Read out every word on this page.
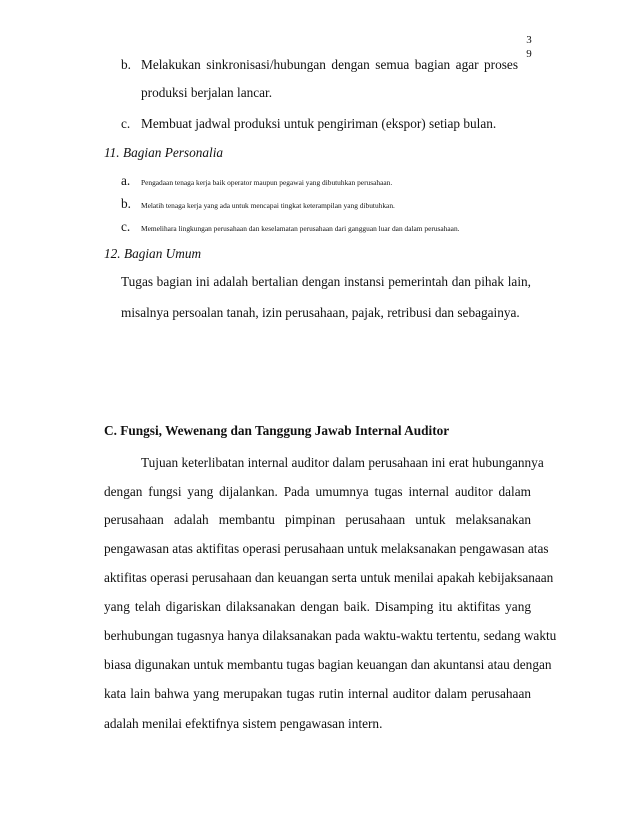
3
9
b. Melakukan sinkronisasi/hubungan dengan semua bagian agar proses
produksi berjalan lancar.
c. Membuat jadwal produksi untuk pengiriman (ekspor) setiap bulan.
11. Bagian Personalia
a. Pengadaan tenaga kerja baik operator maupun pegawai yang dibutuhkan perusahaan.
b. Melatih tenaga kerja yang ada untuk mencapai tingkat keterampilan yang dibutuhkan.
c. Memelihara lingkungan perusahaan dan keselamatan perusahaan dari gangguan luar dan dalam perusahaan.
12. Bagian Umum
Tugas bagian ini adalah bertalian dengan instansi pemerintah dan pihak lain,
misalnya persoalan tanah, izin perusahaan, pajak, retribusi dan sebagainya.
C. Fungsi, Wewenang dan Tanggung Jawab Internal Auditor
Tujuan keterlibatan internal auditor dalam perusahaan ini erat hubungannya
dengan fungsi yang dijalankan. Pada umumnya tugas internal auditor dalam
perusahaan adalah membantu pimpinan perusahaan untuk melaksanakan
pengawasan atas aktifitas operasi perusahaan untuk melaksanakan pengawasan atas
aktifitas operasi perusahaan dan keuangan serta untuk menilai apakah kebijaksanaan
yang telah digariskan dilaksanakan dengan baik. Disamping itu aktifitas yang
berhubungan tugasnya hanya dilaksanakan pada waktu-waktu tertentu, sedang waktu
biasa digunakan untuk membantu tugas bagian keuangan dan akuntansi atau dengan
kata lain bahwa yang merupakan tugas rutin internal auditor dalam perusahaan
adalah menilai efektifnya sistem pengawasan intern.
